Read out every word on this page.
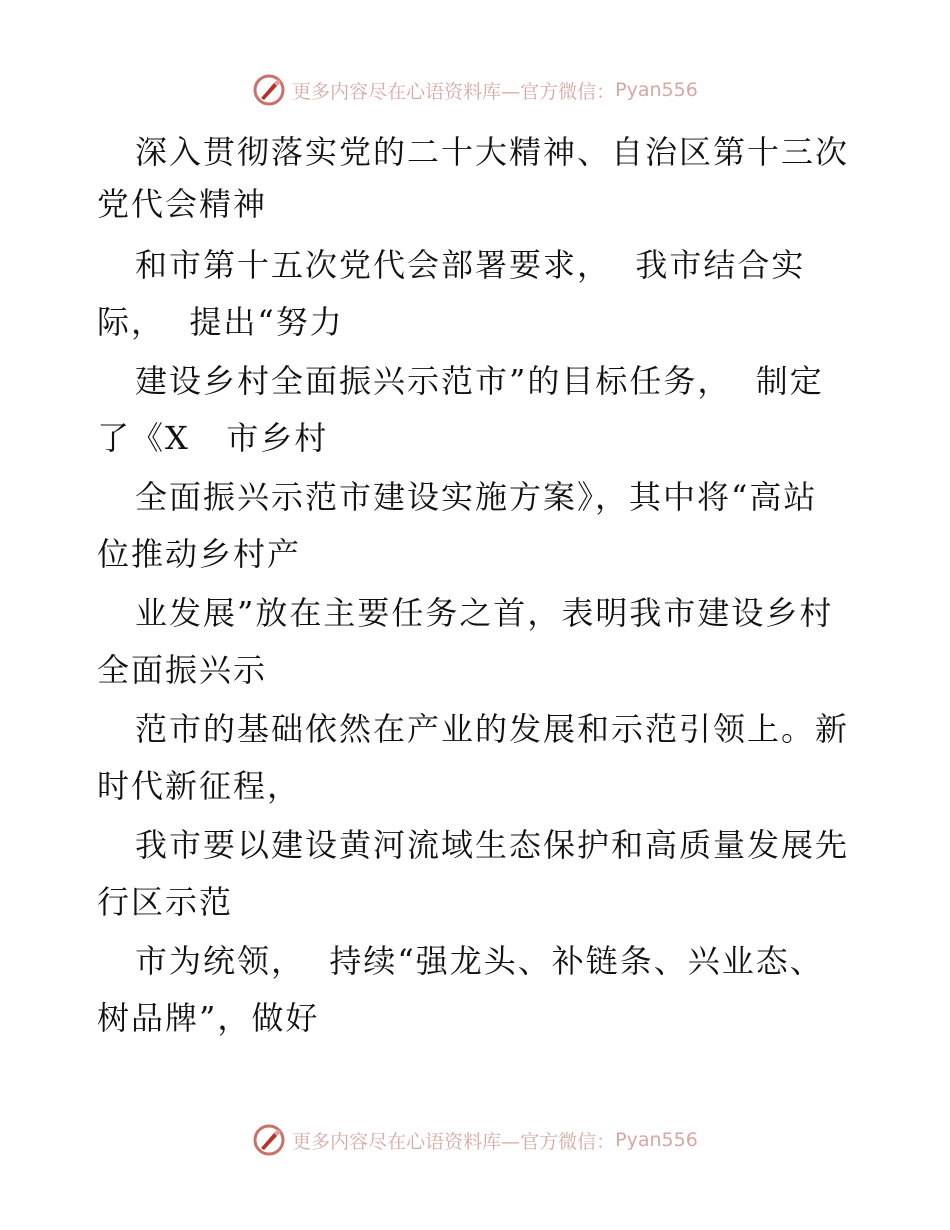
更多内容尽在心语资料库—官方微信： Pyan556
深入贯彻落实党的二十大精神、自治区第十三次
党代会精神
和市第十五次党代会部署要求，  我市结合实
际，  提出“努力
建设乡村全面振兴示范市”的目标任务，  制定
了《X   市乡村
全面振兴示范市建设实施方案》，其中将“高站
位推动乡村产
业发展”放在主要任务之首，表明我市建设乡村
全面振兴示
范市的基础依然在产业的发展和示范引领上。新
时代新征程，
我市要以建设黄河流域生态保护和高质量发展先
行区示范
市为统领，  持续“强龙头、补链条、兴业态、
树品牌”，做好
更多内容尽在心语资料库—官方微信： Pyan556
